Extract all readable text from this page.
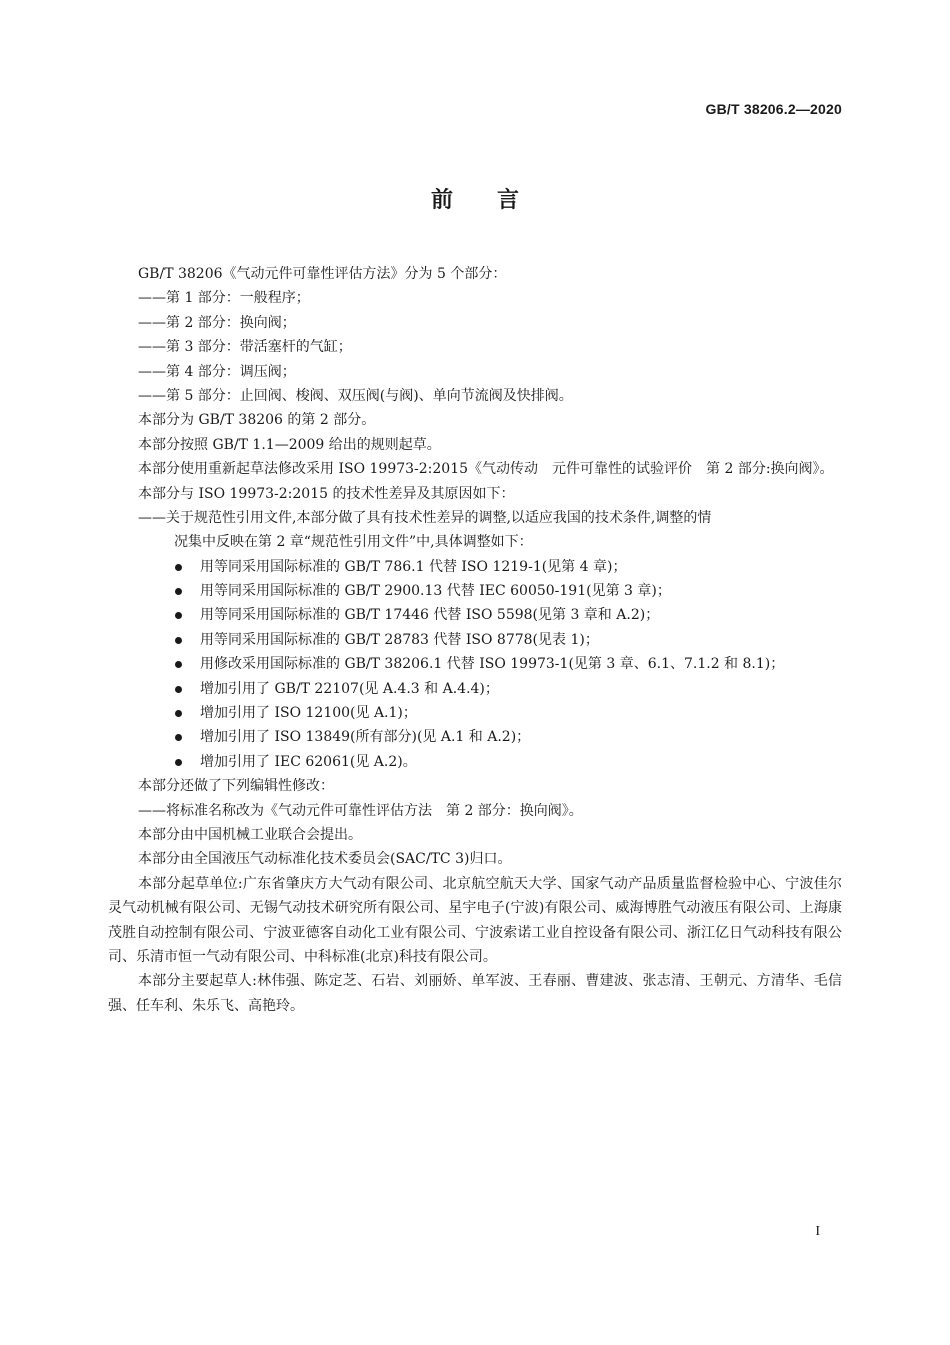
GB/T 38206.2—2020
前言
GB/T 38206《气动元件可靠性评估方法》分为 5 个部分：
——第 1 部分：一般程序；
——第 2 部分：换向阀；
——第 3 部分：带活塞杆的气缸；
——第 4 部分：调压阀；
——第 5 部分：止回阀、梭阀、双压阀(与阀)、单向节流阀及快排阀。
本部分为 GB/T 38206 的第 2 部分。
本部分按照 GB/T 1.1—2009 给出的规则起草。
本部分使用重新起草法修改采用 ISO 19973-2:2015《气动传动　元件可靠性的试验评价　第 2 部分:换向阀》。
本部分与 ISO 19973-2:2015 的技术性差异及其原因如下：
——关于规范性引用文件,本部分做了具有技术性差异的调整,以适应我国的技术条件,调整的情
况集中反映在第 2 章“规范性引用文件”中,具体调整如下：
用等同采用国际标准的 GB/T 786.1 代替 ISO 1219-1(见第 4 章)；
用等同采用国际标准的 GB/T 2900.13 代替 IEC 60050-191(见第 3 章)；
用等同采用国际标准的 GB/T 17446 代替 ISO 5598(见第 3 章和 A.2)；
用等同采用国际标准的 GB/T 28783 代替 ISO 8778(见表 1)；
用修改采用国际标准的 GB/T 38206.1 代替 ISO 19973-1(见第 3 章、6.1、7.1.2 和 8.1)；
增加引用了 GB/T 22107(见 A.4.3 和 A.4.4)；
增加引用了 ISO 12100(见 A.1)；
增加引用了 ISO 13849(所有部分)(见 A.1 和 A.2)；
增加引用了 IEC 62061(见 A.2)。
本部分还做了下列编辑性修改：
——将标准名称改为《气动元件可靠性评估方法　第 2 部分：换向阀》。
本部分由中国机械工业联合会提出。
本部分由全国液压气动标准化技术委员会(SAC/TC 3)归口。
本部分起草单位:广东省肇庆方大气动有限公司、北京航空航天大学、国家气动产品质量监督检验中心、宁波佳尔灵气动机械有限公司、无锡气动技术研究所有限公司、星宇电子(宁波)有限公司、威海博胜气动液压有限公司、上海康茂胜自动控制有限公司、宁波亚德客自动化工业有限公司、宁波索诺工业自控设备有限公司、浙江亿日气动科技有限公司、乐清市恒一气动有限公司、中科标准(北京)科技有限公司。
本部分主要起草人:林伟强、陈定芝、石岩、刘丽娇、单军波、王春丽、曹建波、张志清、王朝元、方清华、毛信强、任车利、朱乐飞、高艳玲。
I
